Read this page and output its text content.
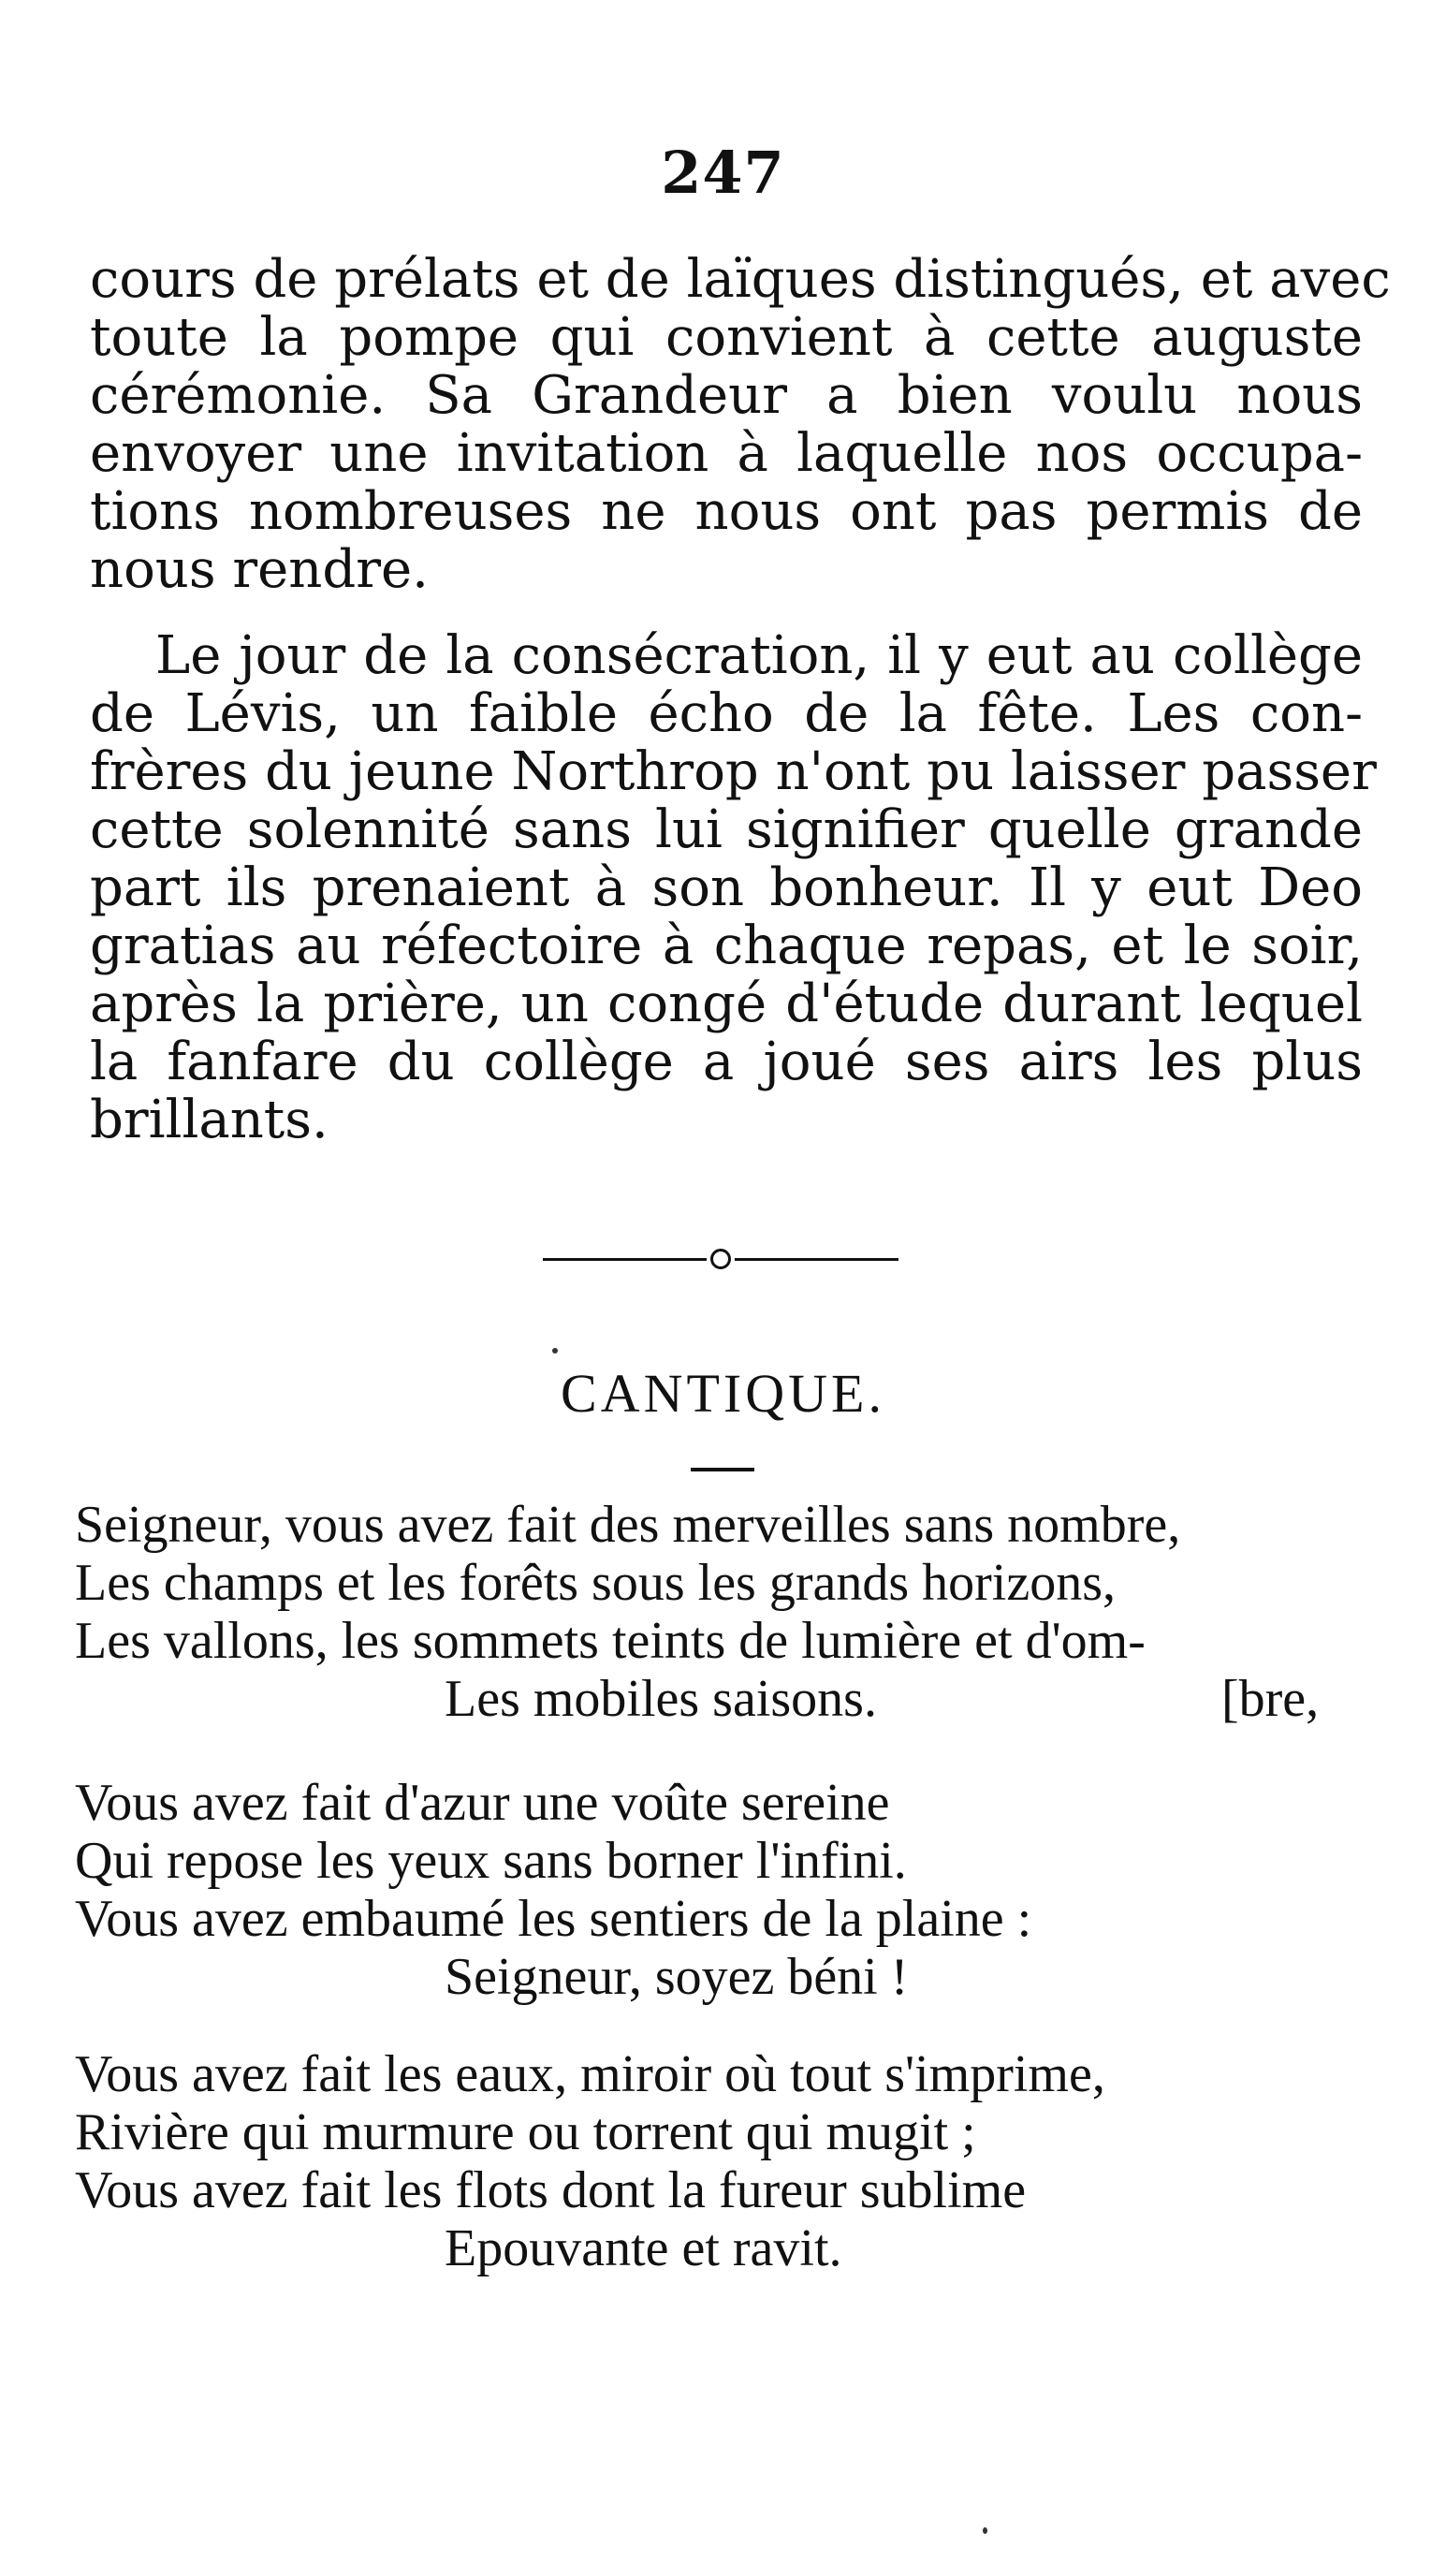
247
cours de prélats et de laïques distingués, et avec
toute la pompe qui convient à cette auguste
cérémonie. Sa Grandeur a bien voulu nous
envoyer une invitation à laquelle nos occupa-
tions nombreuses ne nous ont pas permis de
nous rendre.
Le jour de la consécration, il y eut au collège
de Lévis, un faible écho de la fête. Les con-
frères du jeune Northrop n'ont pu laisser passer
cette solennité sans lui signifier quelle grande
part ils prenaient à son bonheur. Il y eut Deo
gratias au réfectoire à chaque repas, et le soir,
après la prière, un congé d'étude durant lequel
la fanfare du collège a joué ses airs les plus
brillants.
CANTIQUE.
Seigneur, vous avez fait des merveilles sans nombre,
Les champs et les forêts sous les grands horizons,
Les vallons, les sommets teints de lumière et d'om-
Les mobiles saisons.	[bre,
Vous avez fait d'azur une voûte sereine
Qui repose les yeux sans borner l'infini.
Vous avez embaumé les sentiers de la plaine :
Seigneur, soyez béni !
Vous avez fait les eaux, miroir où tout s'imprime,
Rivière qui murmure ou torrent qui mugit ;
Vous avez fait les flots dont la fureur sublime
Epouvante et ravit.
